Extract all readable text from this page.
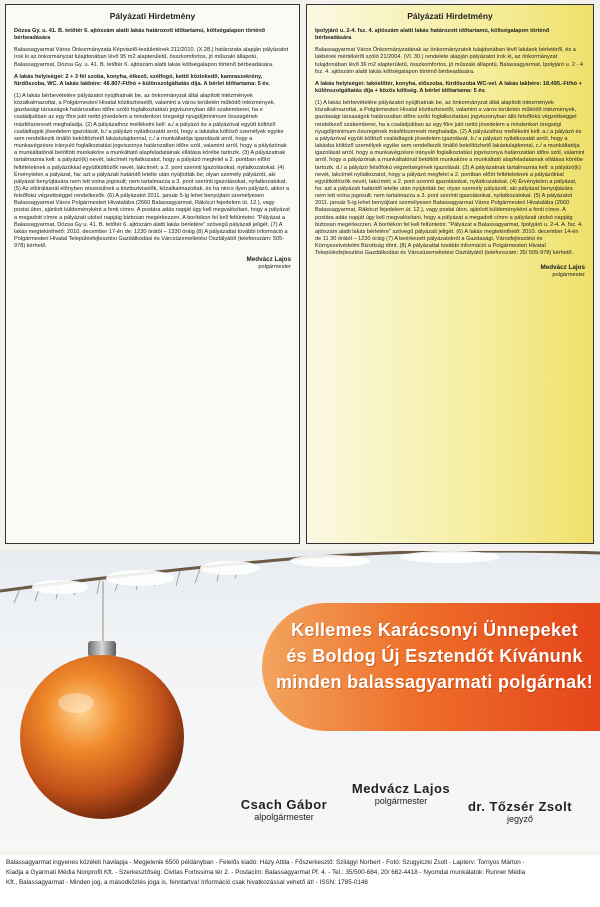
Pályázati Hirdetmény

Dózsa Gy. u. 41. B. tetőtér 6. ajtószám alatti lakás határozott időtartamú, költségalapon történő bérbeadására

Balassagyarmat Város Önkormányzata Képviselő-testületének 211/2010. (X.28.) határozata alapján pályázatot írok ki az önkormányzat tulajdonában lévő 95 m2 alapterületű, összkomfortos, jó műszaki állapotú, Balassagyarmat, Dózsa Gy. u. 41. B. tetőtér 6. ajtószám alatti lakás költségalapon történő bérbeadására.

A lakás helyiségei: 2 + 3 fél szoba, konyha, étkező, szélfogó, kettő közlekedő, kamraszekrény, fürdőszoba, WC. A lakás lakbére: 48.807-Ft/hó + különszolgáltatás díja. A bérlet időtartama: 5 év.

(1) A lakás bérbevételére pályázatot nyújthatnak be, az önkormányzat által alapított intézmények közalkalmazottai, a Polgármesteri Hivatal köztisztviselői, valamint a város területén működő intézmények, gazdasági társaságok határozatlan időre szóló foglalkoztatású jogviszonyban álló szakemberei, ha e családjukban az egy főre jutó nettó jövedelem a mindenkori öregségi nyugdíjminimum összegének másfélszeresét meghaladja. (2) A pályázathoz mellékelni kell: a./ a pályázó és a pályázóval együtt költöző családtagok jövedelem igazolását, b./ a pályázó nyilatkozatát arról, hogy a lakásba költöző személyek egyike sem rendelkezik önálló beköltözhető lakástulajdonnal, c./ a munkáltatója igazolását arról, hogy a munkavégzésre irányuló foglalkoztatási jogviszonya határozatlan időre szól, valamint arról, hogy a pályázónak a munkáltatónál betöltött munkaköre a munkáltató alapfeladatainak ellátása körébe tartozik. (3) A pályázatnak tartalmaznia kell: a pályázó(k) nevét, lakcímét nyilatkozatot, hogy a pályázó megfelel a 2. pontban előírt feltételeknek a pályázókkal együttköltözők nevét, lakcímét; a 2. pont szerinti igazolásokat, nyilatkozatokat. (4) Érvénytelen a pályázat, ha: azt a pályázati határidő letelte után nyújtották be; olyan személy pályázott, aki pályázat benyújtására nem lett volna jogosult; nem tartalmazza a 3. pont szerinti igazolásokat, nyilatkozatokat. (5) Az elbírálásnál előnyben részesülnek a köztisztviselők, közalkalmazottak, és ha nincs ilyen pályázó, akkor a felsőfokú végzettséggel rendelkezők. (6) A pályázatot 2011. január 5-ig lehet benyújtani személyesen Balassagyarmat Város Polgármesteri Hivatalába (2660 Balassagyarmat, Rákóczi fejedelem út. 12.), vagy postai úton, ajánlott küldeményként a fenti címre. A postára adás napját úgy kell megvalósítani, hogy a pályázat a megadott címre a pályázati utolsó napjáig biztosan megérkezzen. A borítékon fel kell feltüntetni: "Pályázat a Balassagyarmat, Dózsa Gy u. 41. B. tetőtér 6. ajtószám alatti lakás bérletére" szövegű pályázati jeligét. (7) A lakás megtekinthető: 2010. december 17-én de: 1230 órától – 1330 óráig (8) A pályázattal további információ a Polgármesteri Hivatal Településfejlesztési Gazdálkodási és Várcsüzemeltetési Osztályától (telefonszám: 505-978) kérhető.

Medvácz Lajos
polgármester
Pályázati Hirdetmény

Ipolyjáró u. 2-4. fsz. 4. ajtószám alatti lakás határozott időtartamú, költségalapon történő bérbeadására

Balassagyarmat Város Önkormányzatának az önkormányzatok tulajdonában lévő lakások bérletéről, és a lakbérek mértékéről szóló 21/2004. (VI. 30.) rendelete alapján pályázatot írok ki, az önkormányzat tulajdonában lévő 36 m2 alapterületű, összkomfortos, jó műszaki állapotú, Balassagyarmat, Ipolyjáró u. 2 - 4 fsz. 4. ajtószám alatti lakás költségalapon történő bérbeadására.

A lakás helyiségei: lakóelőtér, konyha, előszoba, fürdőszoba WC-vel. A lakás lakbére: 18.495.-Ft/hó + különszolgáltatás díja + közös költség. A bérlet időtartama: 5 év.

(1) A lakás bérbevételére pályázatot nyújthatnak be, az önkormányzat által alapított intézmények közalkalmazottai, a Polgármesteri Hivatal köztisztviselői, valamint a város területén működő intézmények, gazdasági társaságok határozatlan időre szóló foglalkoztatású jogviszonyban álló felsőfokú végzettséggel rendelkező szakemberei, ha a családjukban az egy főre jutó nettó jövedelem a mindenkori öregségi nyugdíjminimum összegének másfélszeresét meghaladja. (2) A pályázathoz mellékelni kell: a./ a pályázó és a pályázóval együtt költöző családtagok jövedelem igazolását, b./ a pályázó nyilatkozatát arról, hogy a lakásba költöző személyek egyike sem rendelkezik önálló beköltözhető lakástulajdonnal, c./ a munkáltatója igazolását arról, hogy a munkavégzésre irányuló foglalkoztatási jogviszonya határozatlan időre szól, valamint arról, hogy a pályázónak a munkáltatónál betöltött munkaköre a munkáltató alapfeladatainak ellátása körébe tartozik. d./ a pályázó felsőfokú végzettségének igazolását. (3) A pályázatnak tartalmaznia kell: a pályázó(k) nevét, lakcímét nyilatkozatot, hogy a pályázó megfelel a 2. pontban előírt feltételeknek a pályázókkal együttköltözők nevét, lakcímét; a 2. pont szerinti igazolásokat, nyilatkozatokat. (4) Érvénytelen a pályázat, ha: azt a pályázati határidő letelte után nyújtották be; olyan személy pályázott, aki pályázat benyújtására nem lett volna jogosult; nem tartalmazza a 3. pont szerinti igazolásokat, nyilatkozatokat. (5) A pályázatot 2011. január 5-ig lehet benyújtani személyesen Balassagyarmat Város Polgármesteri Hivatalába (2660 Balassagyarmat, Rákóczi fejedelem út. 12.), vagy postai úton, ajánlott küldeményként a fenti címre. A postára adás napját úgy kell megvalósítani, hogy a pályázat a megadott címre a pályázati utolsó napjáig biztosan megérkezzen. A borítékon fel kell feltüntetni: "Pályázat a Balassagyarmat, Ipolyjáró u. 2-4. A. fsz. 4. ajtószám alatti lakás bérletére" szövegű pályázati jeligét. (6) A lakás megtekinthető: 2010. december 14-én de 11 30 órától – 1230 óráig (7) A beérkezett pályázatokról a Gazdasági, Városfejlesztési és Környezetvédelmi Bizottság dönt. (8) A pályázattal további információ a Polgármesteri Hivatal Településfejlesztési Gazdálkodási és Városüzemeltetési Osztályától (telefonszám: 35/ 505-978) kérhető.

Medvácz Lajos
polgármester
Kellemes Karácsonyi Ünnepeket
és Boldog Új Esztendőt Kívánunk
minden balassagyarmati polgárnak!
Csach Gábor
alpolgármester
Medvácz Lajos
polgármester	dr. Tőzsér Zsolt
jegyző
Balassagyarmat ingyenes közéleti havilapja - Megjelenik 6500 példányban - Felelős kiadó: Házy Attila - Főszerkesztő: Szilágyi Norbert - Fotó: Szugyiczki Zsolt - Lapterv: Tornyos Márton -
Kiadja a Gyarmati Média Nonprofit Kft. - Szerkesztőség: Civitas Fortissima tér 2. - Postacím: Balassagyarmat Pf. 4. - Tel.: 35/500-684, 20/ 662-4418 - Nyomdai munkálatok: Runner Média
Kft., Balassagyarmat - Minden jog, a másodközlés joga is, fenntartva! Információ csak hivatkozással vehető át! - ISSN: 1785-0148
